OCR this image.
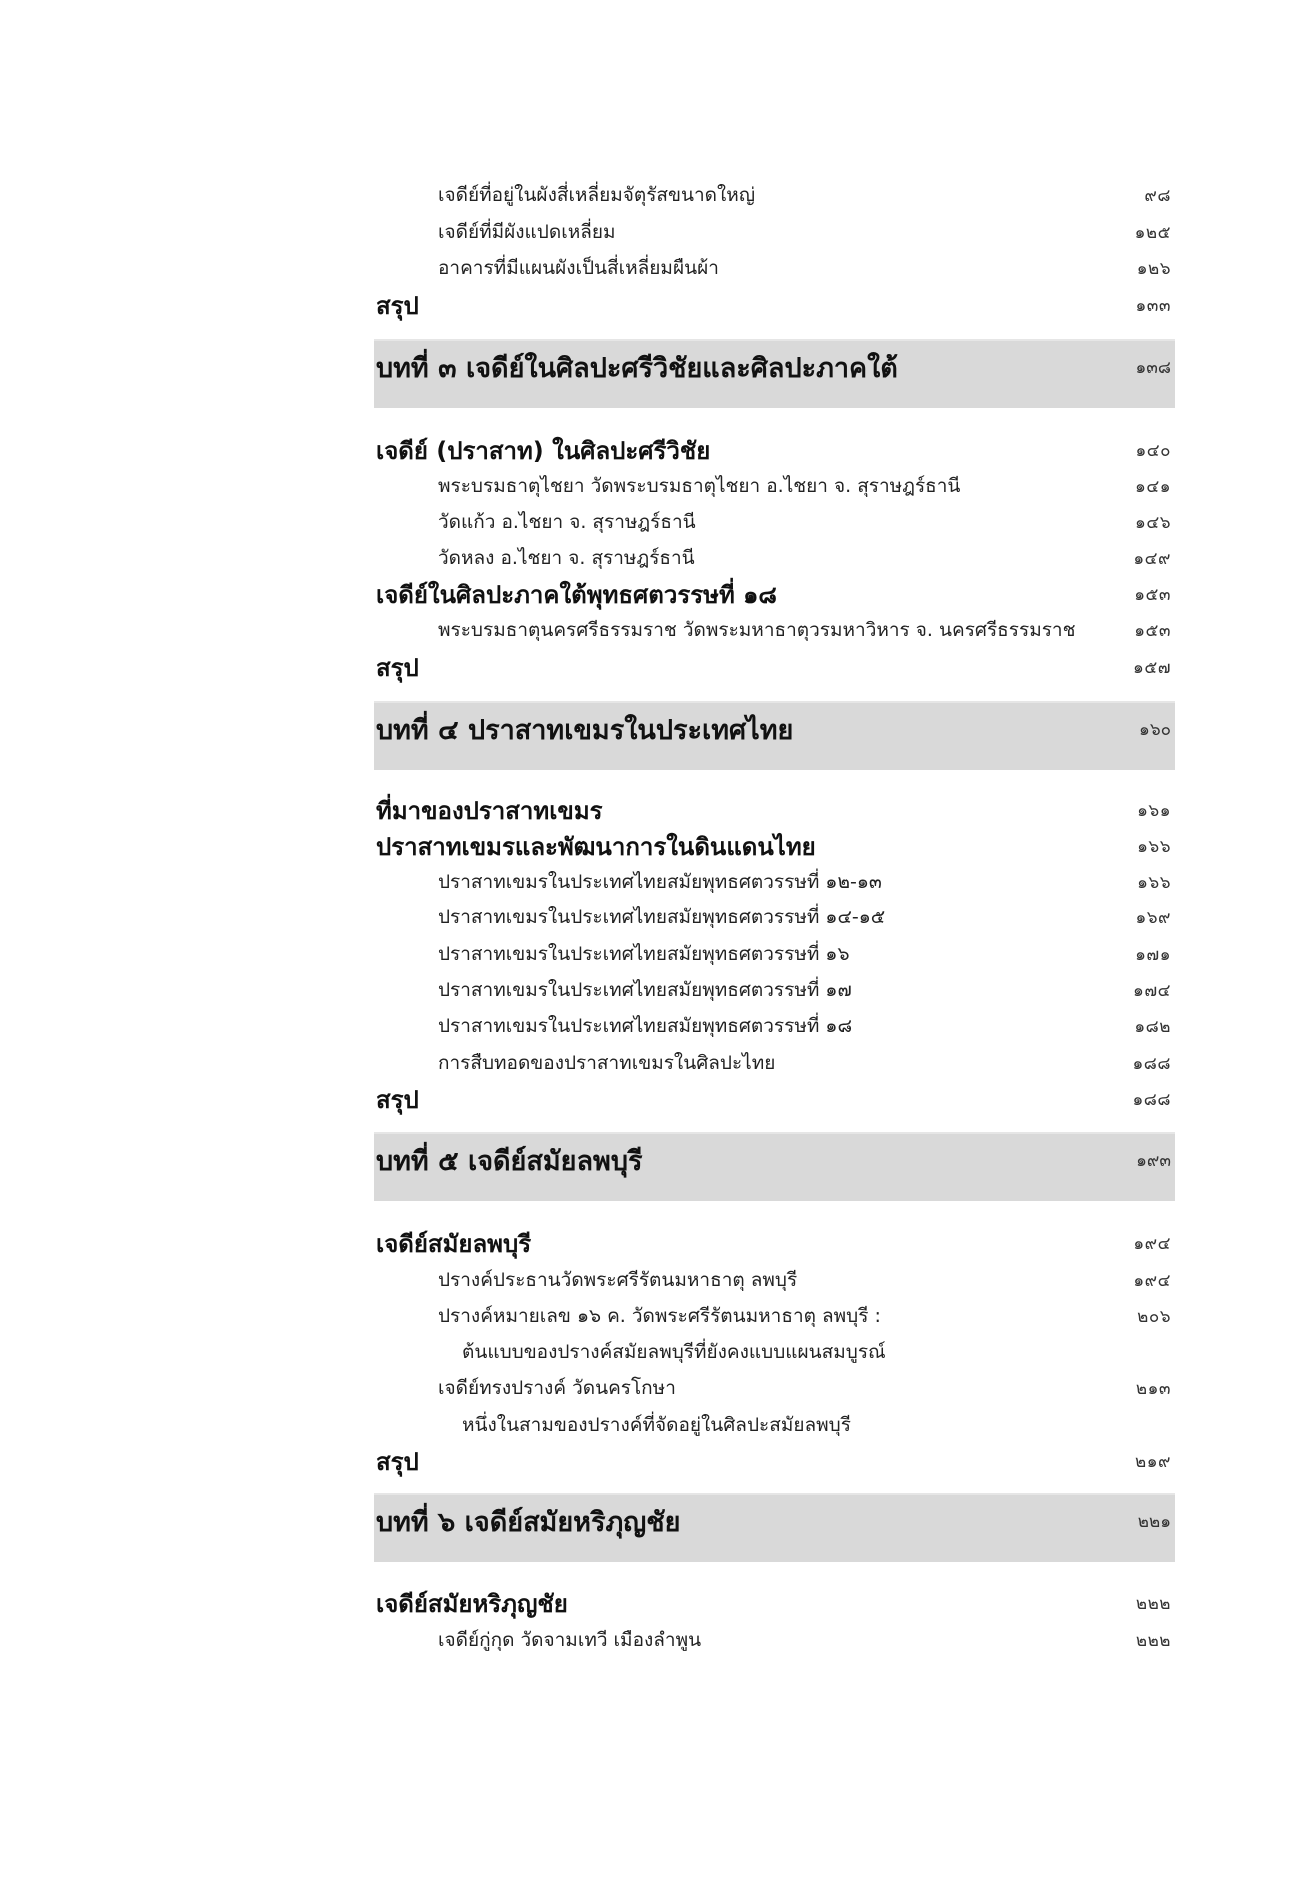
เจดีย์ที่อยู่ในผังสี่เหลี่ยมจัตุรัสขนาดใหญ่	๙๘
เจดีย์ที่มีผังแปดเหลี่ยม	๑๒๕
อาคารที่มีแผนผังเป็นสี่เหลี่ยมผืนผ้า	๑๒๖
สรุป	๑๓๓
บทที่ ๓ เจดีย์ในศิลปะศรีวิชัยและศิลปะภาคใต้	๑๓๘
เจดีย์ (ปราสาท) ในศิลปะศรีวิชัย	๑๔๐
พระบรมธาตุไชยา วัดพระบรมธาตุไชยา อ.ไชยา จ. สุราษฎร์ธานี	๑๔๑
วัดแก้ว อ.ไชยา จ. สุราษฎร์ธานี	๑๔๖
วัดหลง อ.ไชยา จ. สุราษฎร์ธานี	๑๔๙
เจดีย์ในศิลปะภาคใต้พุทธศตวรรษที่ ๑๘	๑๕๓
พระบรมธาตุนครศรีธรรมราช วัดพระมหาธาตุวรมหาวิหาร จ. นครศรีธรรมราช	๑๕๓
สรุป	๑๕๗
บทที่ ๔ ปราสาทเขมรในประเทศไทย	๑๖๐
ที่มาของปราสาทเขมร	๑๖๑
ปราสาทเขมรและพัฒนาการในดินแดนไทย	๑๖๖
ปราสาทเขมรในประเทศไทยสมัยพุทธศตวรรษที่ ๑๒-๑๓	๑๖๖
ปราสาทเขมรในประเทศไทยสมัยพุทธศตวรรษที่ ๑๔-๑๕	๑๖๙
ปราสาทเขมรในประเทศไทยสมัยพุทธศตวรรษที่ ๑๖	๑๗๑
ปราสาทเขมรในประเทศไทยสมัยพุทธศตวรรษที่ ๑๗	๑๗๔
ปราสาทเขมรในประเทศไทยสมัยพุทธศตวรรษที่ ๑๘	๑๘๒
การสืบทอดของปราสาทเขมรในศิลปะไทย	๑๘๘
สรุป	๑๘๘
บทที่ ๕ เจดีย์สมัยลพบุรี	๑๙๓
เจดีย์สมัยลพบุรี	๑๙๔
ปรางค์ประธานวัดพระศรีรัตนมหาธาตุ ลพบุรี	๑๙๔
ปรางค์หมายเลข ๑๖ ค. วัดพระศรีรัตนมหาธาตุ ลพบุรี :	๒๐๖
ต้นแบบของปรางค์สมัยลพบุรีที่ยังคงแบบแผนสมบูรณ์
เจดีย์ทรงปรางค์ วัดนครโกษา	๒๑๓
หนึ่งในสามของปรางค์ที่จัดอยู่ในศิลปะสมัยลพบุรี
สรุป	๒๑๙
บทที่ ๖ เจดีย์สมัยหริภุญชัย	๒๒๑
เจดีย์สมัยหริภุญชัย	๒๒๒
เจดีย์กู่กุด วัดจามเทวี เมืองลำพูน	๒๒๒
